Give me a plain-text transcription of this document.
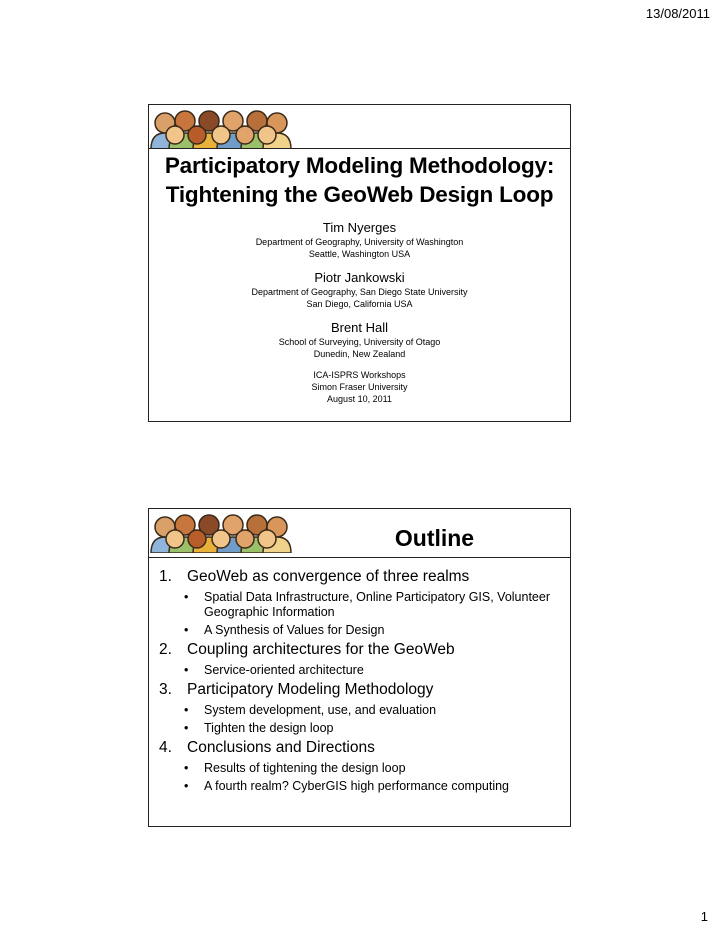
13/08/2011
Participatory Modeling Methodology:
Tightening the GeoWeb Design Loop
Tim Nyerges
Department of Geography, University of Washington
Seattle, Washington USA
Piotr Jankowski
Department of Geography, San Diego State University
San Diego, California USA
Brent Hall
School of Surveying, University of Otago
Dunedin, New Zealand
ICA-ISPRS Workshops
Simon Fraser University
August 10, 2011
Outline
1. GeoWeb as convergence of three realms
•	Spatial Data Infrastructure, Online Participatory GIS, Volunteer Geographic Information
•	A Synthesis of Values for Design
2. Coupling architectures for the GeoWeb
•	Service-oriented architecture
3. Participatory Modeling Methodology
•	System development, use, and evaluation
•	Tighten the design loop
4. Conclusions and Directions
•	Results of tightening the design loop
•	A fourth realm? CyberGIS high performance computing
1
